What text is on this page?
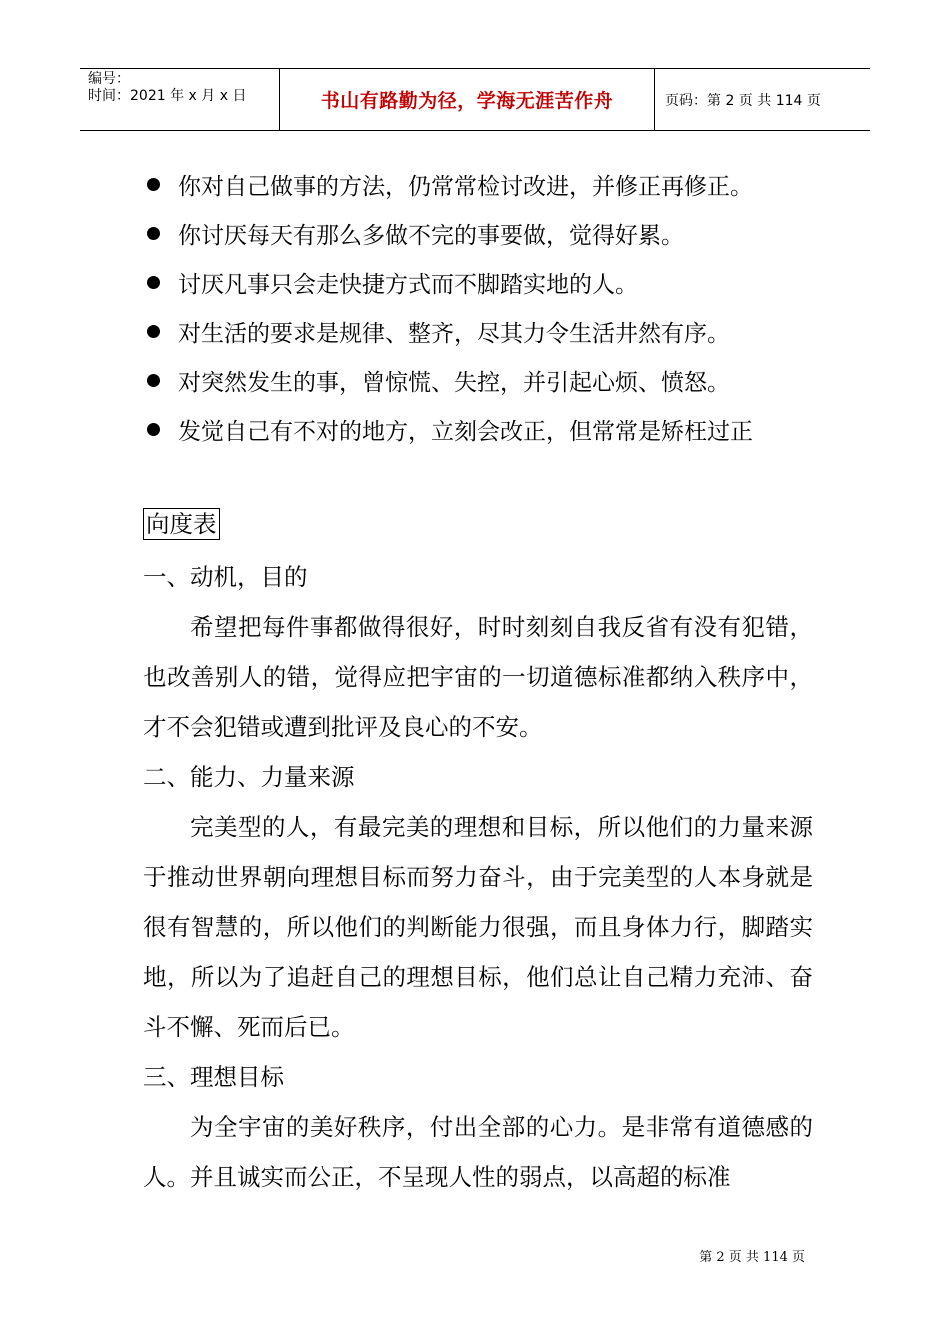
编号：
时间：2021 年 x 月 x 日	书山有路勤为径，学海无涯苦作舟	页码：第 2 页 共 114 页
你对自己做事的方法，仍常常检讨改进，并修正再修正。
你讨厌每天有那么多做不完的事要做，觉得好累。
讨厌凡事只会走快捷方式而不脚踏实地的人。
对生活的要求是规律、整齐，尽其力令生活井然有序。
对突然发生的事，曾惊慌、失控，并引起心烦、愤怒。
发觉自己有不对的地方，立刻会改正，但常常是矫枉过正
向度表
一、动机，目的
希望把每件事都做得很好，时时刻刻自我反省有没有犯错，也改善别人的错，觉得应把宇宙的一切道德标准都纳入秩序中，才不会犯错或遭到批评及良心的不安。
二、能力、力量来源
完美型的人，有最完美的理想和目标，所以他们的力量来源于推动世界朝向理想目标而努力奋斗，由于完美型的人本身就是很有智慧的，所以他们的判断能力很强，而且身体力行，脚踏实地，所以为了追赶自己的理想目标，他们总让自己精力充沛、奋斗不懈、死而后已。
三、理想目标
为全宇宙的美好秩序，付出全部的心力。是非常有道德感的人。并且诚实而公正，不呈现人性的弱点，以高超的标准
第 2 页 共 114 页
